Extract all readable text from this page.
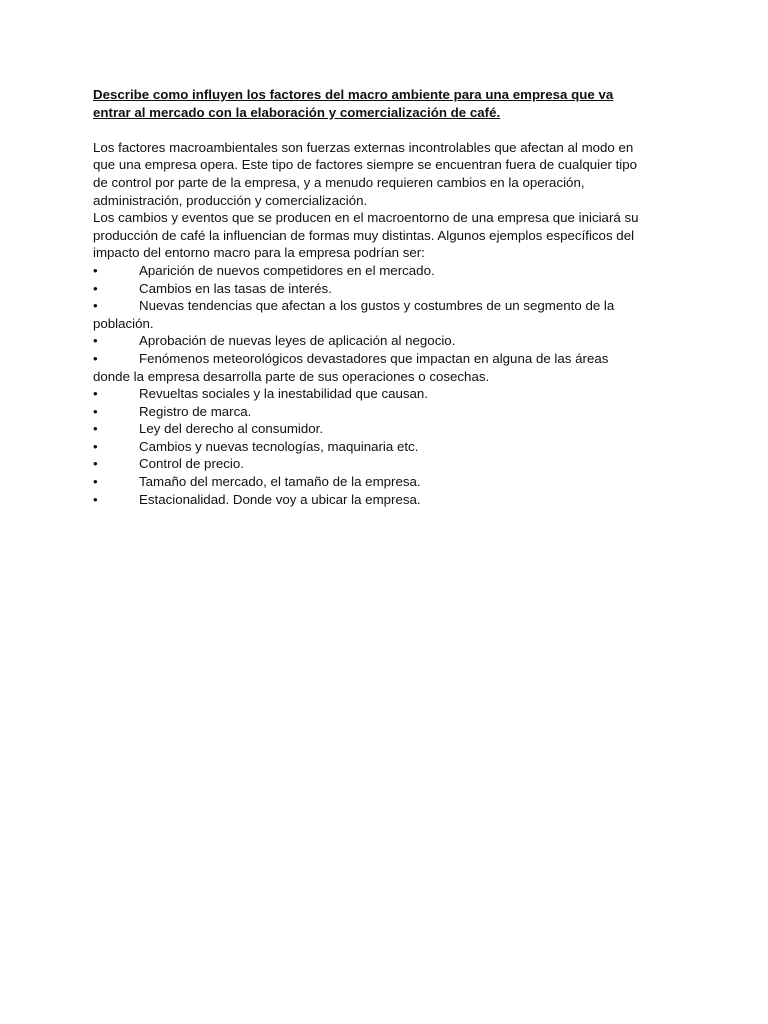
Describe como influyen los factores del macro ambiente para una empresa que va
entrar al mercado con la elaboración y comercialización de café.

Los factores macroambientales son fuerzas externas incontrolables que afectan al modo en
que una empresa opera. Este tipo de factores siempre se encuentran fuera de cualquier tipo
de control por parte de la empresa, y a menudo requieren cambios en la operación,
administración, producción y comercialización.

Los cambios y eventos que se producen en el macroentorno de una empresa que iniciará su
producción de café la influencian de formas muy distintas. Algunos ejemplos específicos del
impacto del entorno macro para la empresa podrían ser:

•	Aparición de nuevos competidores en el mercado.
•	Cambios en las tasas de interés.
•	Nuevas tendencias que afectan a los gustos y costumbres de un segmento de la
población.
•	Aprobación de nuevas leyes de aplicación al negocio.
•	Fenómenos meteorológicos devastadores que impactan en alguna de las áreas
donde la empresa desarrolla parte de sus operaciones o cosechas.
•	Revueltas sociales y la inestabilidad que causan.
•	Registro de marca.
•	Ley del derecho al consumidor.
•	Cambios y nuevas tecnologías, maquinaria etc.
•	Control de precio.
•	Tamaño del mercado, el tamaño de la empresa.
•	Estacionalidad. Donde voy a ubicar la empresa.
